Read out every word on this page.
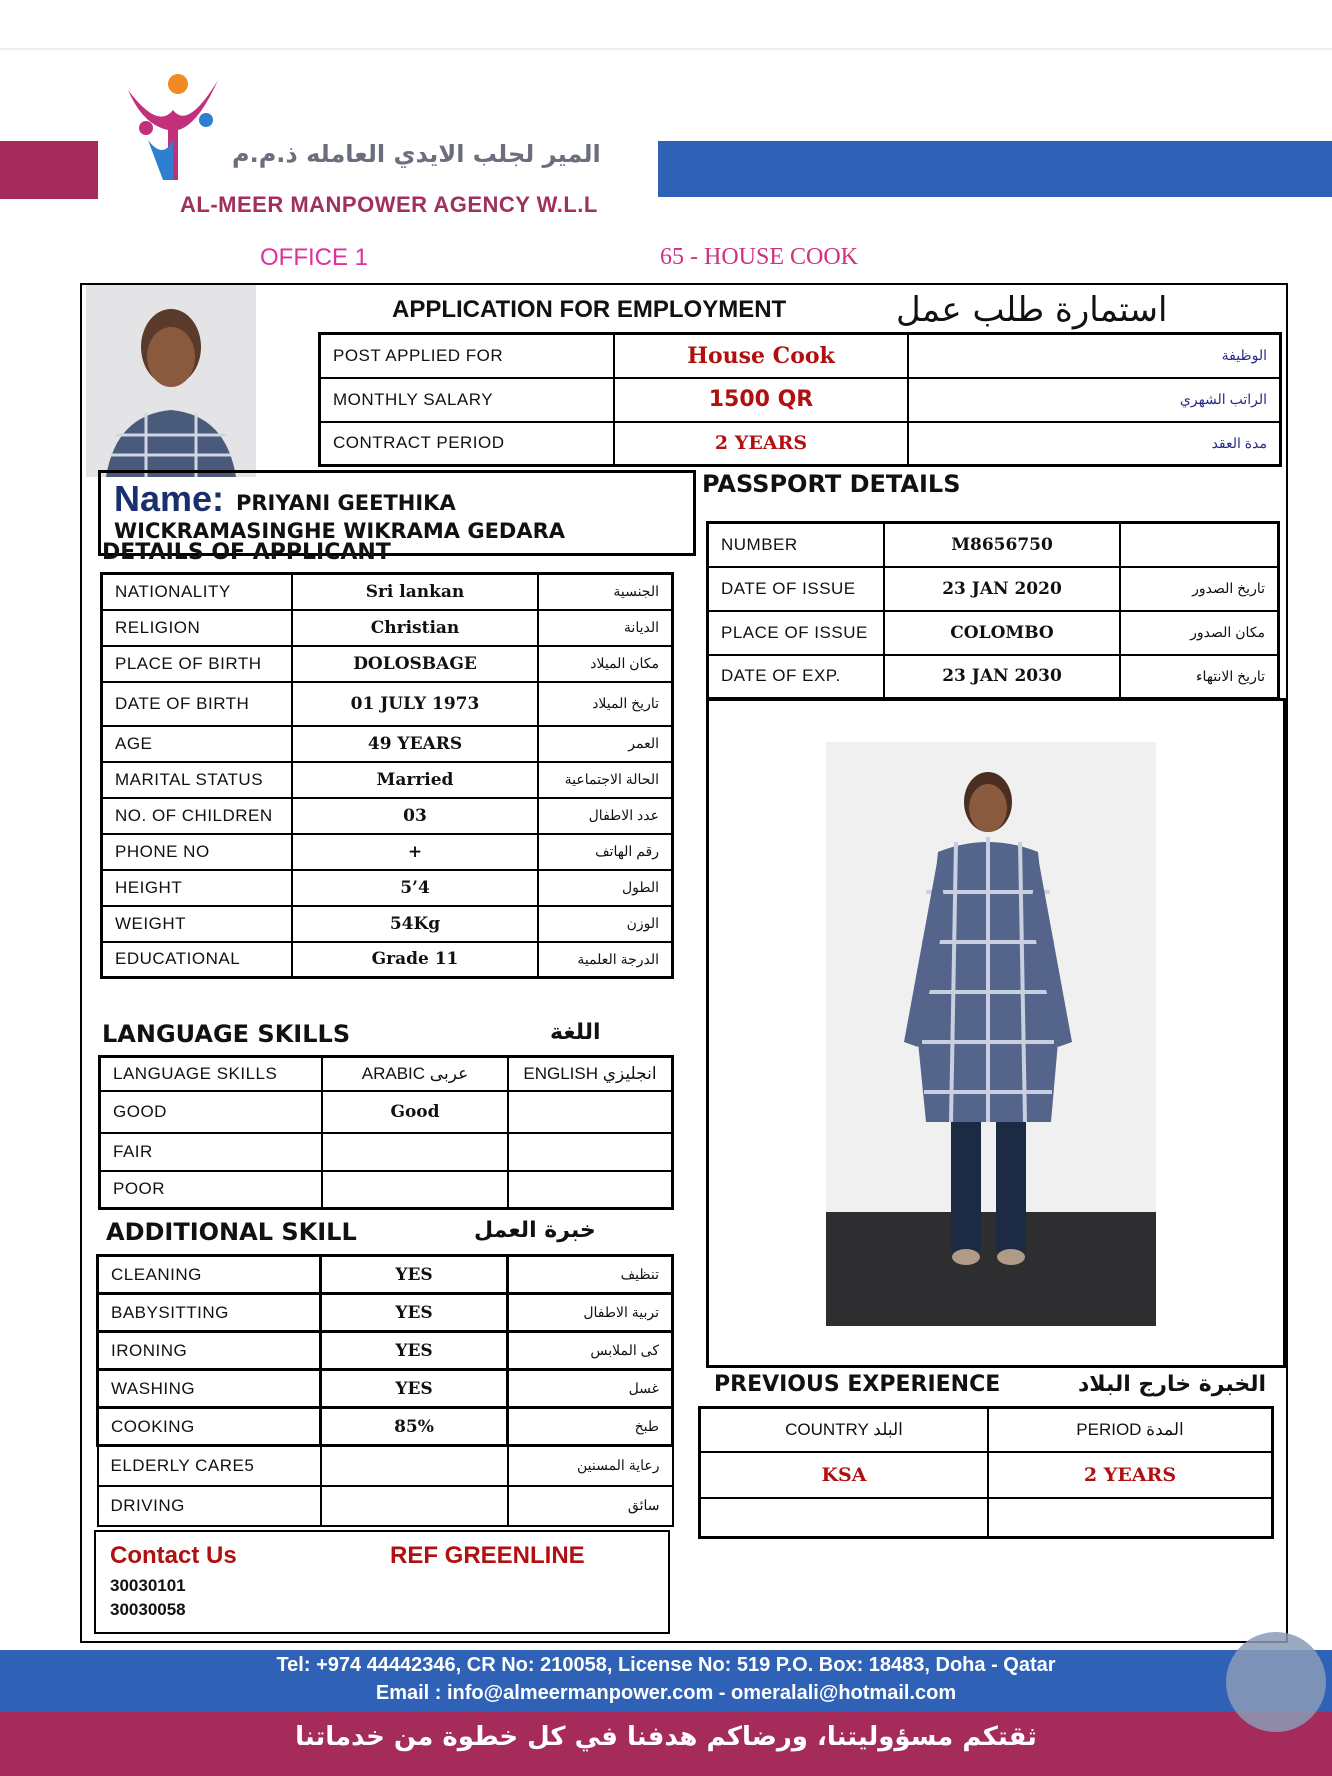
المير لجلب الايدي العامله ذ.م.م
AL-MEER MANPOWER AGENCY W.L.L
OFFICE 1	65 - HOUSE COOK
APPLICATION FOR EMPLOYMENT	استمارة طلب عمل
POST APPLIED FOR	House Cook	الوظيفة
MONTHLY SALARY	1500 QR	الراتب الشهري
CONTRACT PERIOD	2 YEARS	مدة العقد
Name: PRIYANI GEETHIKA
WICKRAMASINGHE WIKRAMA GEDARA
DETAILS OF APPLICANT
PASSPORT DETAILS
NATIONALITY	Sri lankan	الجنسية
RELIGION	Christian	الديانة
PLACE OF BIRTH	DOLOSBAGE	مكان الميلاد
DATE OF BIRTH	01 JULY 1973	تاريخ الميلاد
AGE	49 YEARS	العمر
MARITAL STATUS	Married	الحالة الاجتماعية
NO. OF CHILDREN	03	عدد الاطفال
PHONE NO	+	رقم الهاتف
HEIGHT	5’4	الطول
WEIGHT	54Kg	الوزن
EDUCATIONAL	Grade 11	الدرجة العلمية
NUMBER	M8656750	
DATE OF ISSUE	23 JAN 2020	تاريخ الصدور
PLACE OF ISSUE	COLOMBO	مكان الصدور
DATE OF EXP.	23 JAN 2030	تاريخ الانتهاء
LANGUAGE SKILLS	اللغة
LANGUAGE SKILLS	ARABIC عربى	ENGLISH انجليزي
GOOD	Good	
FAIR		
POOR		
ADDITIONAL SKILL	خبرة العمل
CLEANING	YES	تنظيف
BABYSITTING	YES	تربية الاطفال
IRONING	YES	كى الملابس
WASHING	YES	غسل
COOKING	85%	طبخ
ELDERLY CARE5		رعاية المسنين
DRIVING		سائق
PREVIOUS EXPERIENCE	الخبرة خارج البلاد
COUNTRY البلد	PERIOD المدة
KSA	2 YEARS

Contact Us	REF GREENLINE
30030101
30030058
Tel: +974 44442346, CR No: 210058, License No: 519 P.O. Box: 18483, Doha - Qatar
Email : info@almeermanpower.com - omeralali@hotmail.com
ثقتكم مسؤوليتنا، ورضاكم هدفنا في كل خطوة من خدماتنا
